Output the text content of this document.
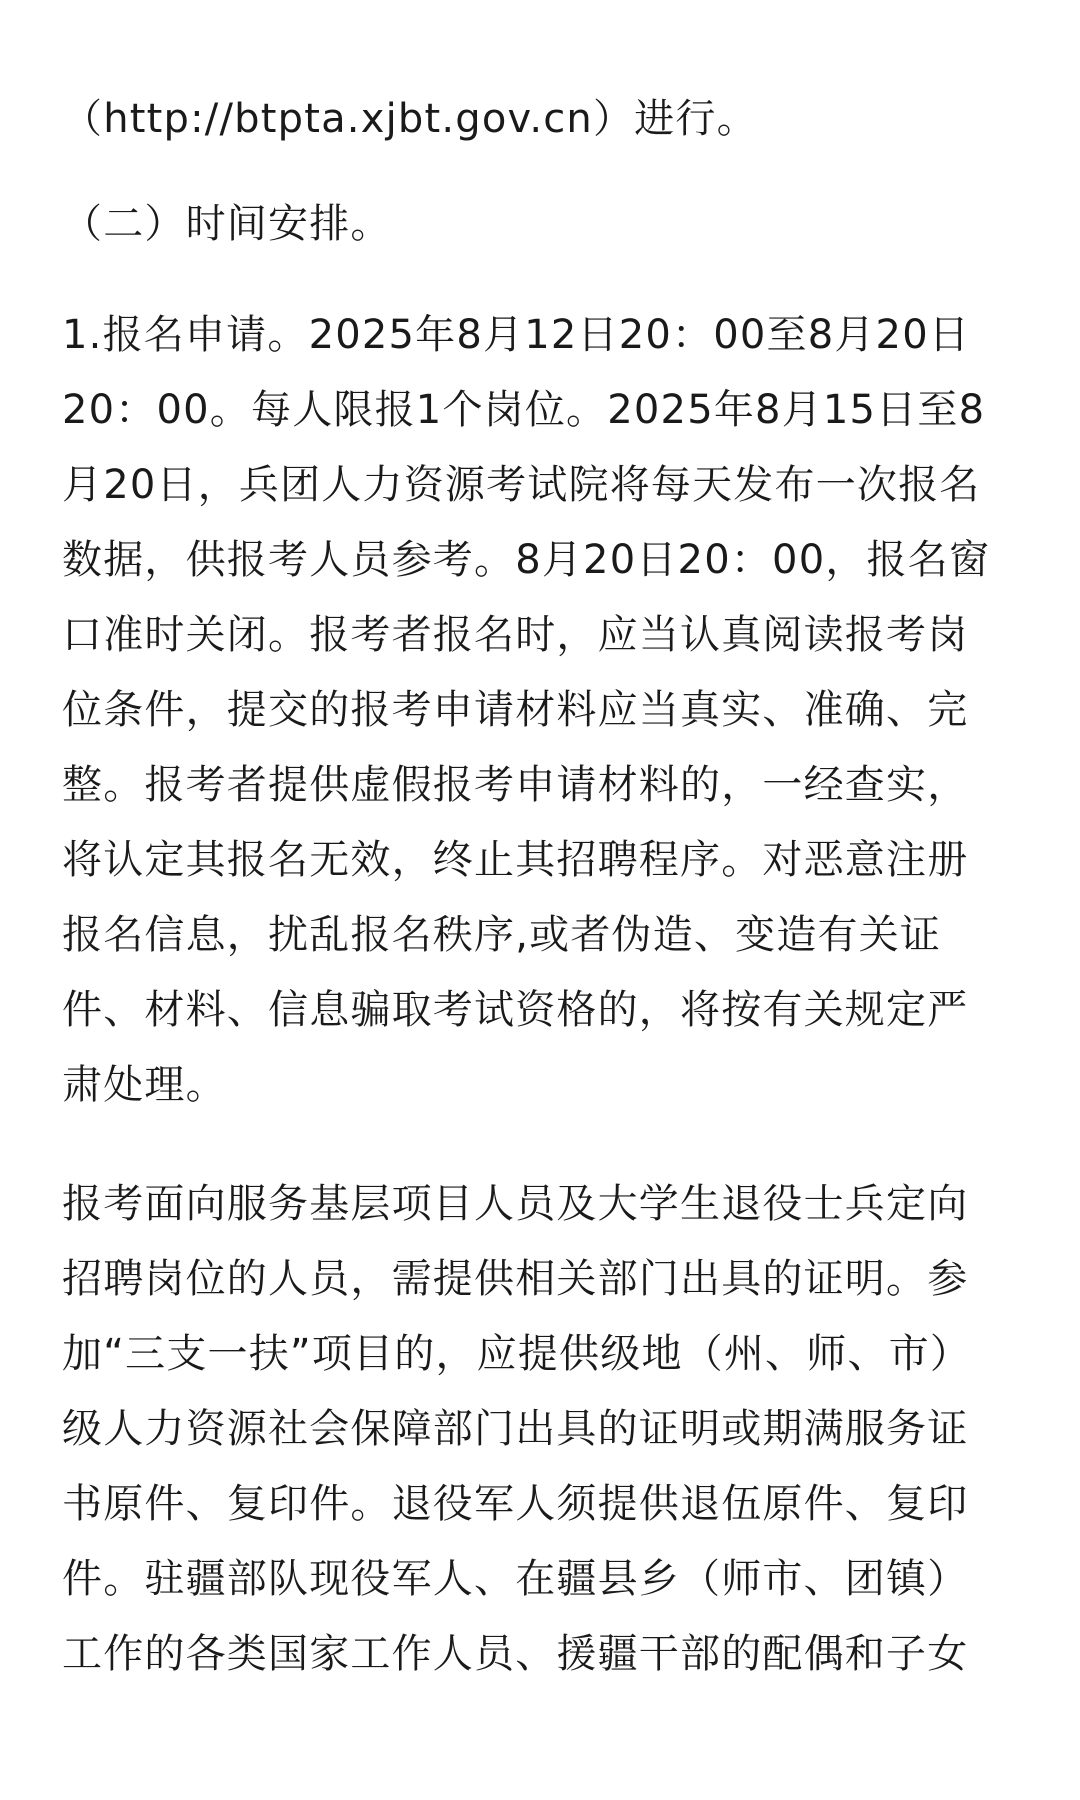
（http://btpta.xjbt.gov.cn）进行。

（二）时间安排。

1.报名申请。2025年8月12日20：00至8月20日
20：00。每人限报1个岗位。2025年8月15日至8
月20日，兵团人力资源考试院将每天发布一次报名
数据，供报考人员参考。8月20日20：00，报名窗
口准时关闭。报考者报名时，应当认真阅读报考岗
位条件，提交的报考申请材料应当真实、准确、完
整。报考者提供虚假报考申请材料的，一经查实，
将认定其报名无效，终止其招聘程序。对恶意注册
报名信息，扰乱报名秩序,或者伪造、变造有关证
件、材料、信息骗取考试资格的，将按有关规定严
肃处理。

报考面向服务基层项目人员及大学生退役士兵定向
招聘岗位的人员，需提供相关部门出具的证明。参
加“三支一扶”项目的，应提供级地（州、师、市）
级人力资源社会保障部门出具的证明或期满服务证
书原件、复印件。退役军人须提供退伍原件、复印
件。驻疆部队现役军人、在疆县乡（师市、团镇）
工作的各类国家工作人员、援疆干部的配偶和子女
